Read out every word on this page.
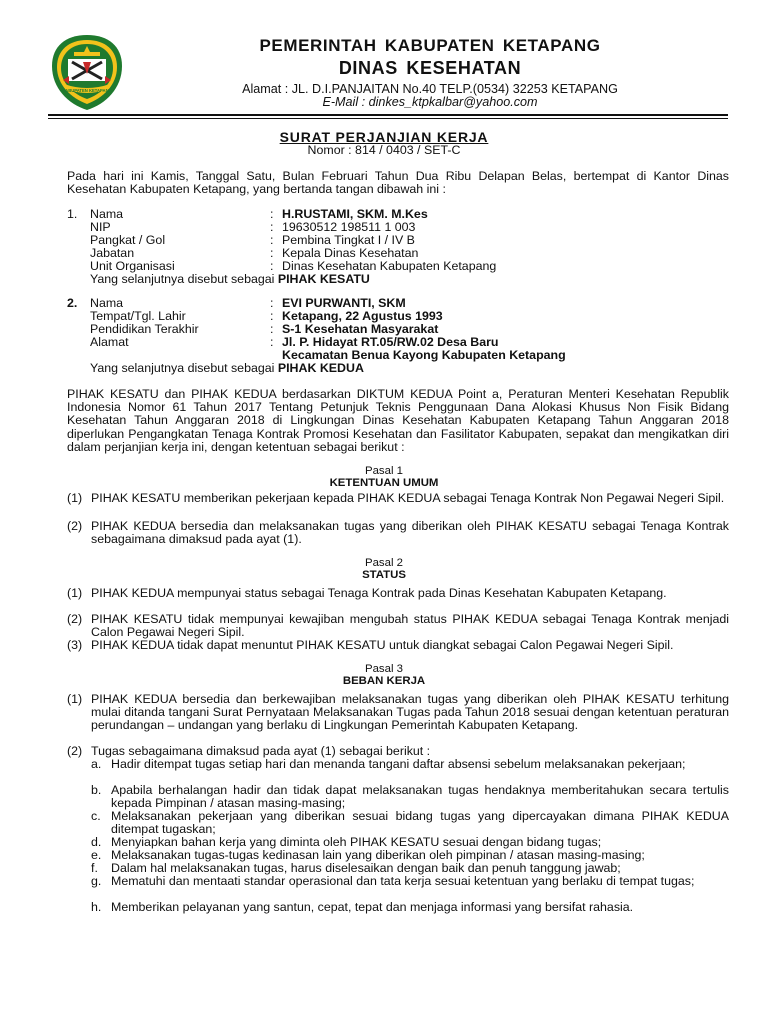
KABUPATEN KETAPANG
PEMERINTAH KABUPATEN KETAPANG
DINAS KESEHATAN
Alamat : JL. D.I.PANJAITAN No.40 TELP.(0534) 32253 KETAPANG
E-Mail : dinkes_ktpkalbar@yahoo.com
SURAT PERJANJIAN KERJA
Nomor : 814 / 0403 / SET-C
Pada hari ini Kamis, Tanggal Satu, Bulan Februari Tahun Dua Ribu Delapan Belas, bertempat di Kantor Dinas Kesehatan Kabupaten Ketapang, yang bertanda tangan dibawah ini :
1. Nama	: H.RUSTAMI, SKM. M.Kes
NIP	: 19630512 198511 1 003
Pangkat / Gol	: Pembina Tingkat I / IV B
Jabatan	: Kepala Dinas Kesehatan
Unit Organisasi	: Dinas Kesehatan Kabupaten Ketapang
Yang selanjutnya disebut sebagai PIHAK KESATU
2. Nama	: EVI PURWANTI, SKM
Tempat/Tgl. Lahir	: Ketapang, 22 Agustus 1993
Pendidikan Terakhir	: S-1 Kesehatan Masyarakat
Alamat	: Jl. P. Hidayat RT.05/RW.02 Desa Baru
Kecamatan Benua Kayong Kabupaten Ketapang
Yang selanjutnya disebut sebagai PIHAK KEDUA
PIHAK KESATU dan PIHAK KEDUA berdasarkan DIKTUM KEDUA Point a, Peraturan Menteri Kesehatan Republik Indonesia Nomor 61 Tahun 2017 Tentang Petunjuk Teknis Penggunaan Dana Alokasi Khusus Non Fisik Bidang Kesehatan Tahun Anggaran 2018 di Lingkungan Dinas Kesehatan Kabupaten Ketapang Tahun Anggaran 2018 diperlukan Pengangkatan Tenaga Kontrak Promosi Kesehatan dan Fasilitator Kabupaten, sepakat dan mengikatkan diri dalam perjanjian kerja ini, dengan ketentuan sebagai berikut :
Pasal 1
KETENTUAN UMUM
(1) PIHAK KESATU memberikan pekerjaan kepada PIHAK KEDUA sebagai Tenaga Kontrak Non Pegawai Negeri Sipil.
(2) PIHAK KEDUA bersedia dan melaksanakan tugas yang diberikan oleh PIHAK KESATU sebagai Tenaga Kontrak sebagaimana dimaksud pada ayat (1).
Pasal 2
STATUS
(1) PIHAK KEDUA mempunyai status sebagai Tenaga Kontrak pada Dinas Kesehatan Kabupaten Ketapang.
(2) PIHAK KESATU tidak mempunyai kewajiban mengubah status PIHAK KEDUA sebagai Tenaga Kontrak menjadi Calon Pegawai Negeri Sipil.
(3) PIHAK KEDUA tidak dapat menuntut PIHAK KESATU untuk diangkat sebagai Calon Pegawai Negeri Sipil.
Pasal 3
BEBAN KERJA
(1) PIHAK KEDUA bersedia dan berkewajiban melaksanakan tugas yang diberikan oleh PIHAK KESATU terhitung mulai ditanda tangani Surat Pernyataan Melaksanakan Tugas pada Tahun 2018 sesuai dengan ketentuan peraturan perundangan – undangan yang berlaku di Lingkungan Pemerintah Kabupaten Ketapang.
(2) Tugas sebagaimana dimaksud pada ayat (1) sebagai berikut :
a. Hadir ditempat tugas setiap hari dan menanda tangani daftar absensi sebelum melaksanakan pekerjaan;
b. Apabila berhalangan hadir dan tidak dapat melaksanakan tugas hendaknya memberitahukan secara tertulis kepada Pimpinan / atasan masing-masing;
c. Melaksanakan pekerjaan yang diberikan sesuai bidang tugas yang dipercayakan dimana PIHAK KEDUA ditempat tugaskan;
d. Menyiapkan bahan kerja yang diminta oleh PIHAK KESATU sesuai dengan bidang tugas;
e. Melaksanakan tugas-tugas kedinasan lain yang diberikan oleh pimpinan / atasan masing-masing;
f. Dalam hal melaksanakan tugas, harus diselesaikan dengan baik dan penuh tanggung jawab;
g. Mematuhi dan mentaati standar operasional dan tata kerja sesuai ketentuan yang berlaku di tempat tugas;
h. Memberikan pelayanan yang santun, cepat, tepat dan menjaga informasi yang bersifat rahasia.
